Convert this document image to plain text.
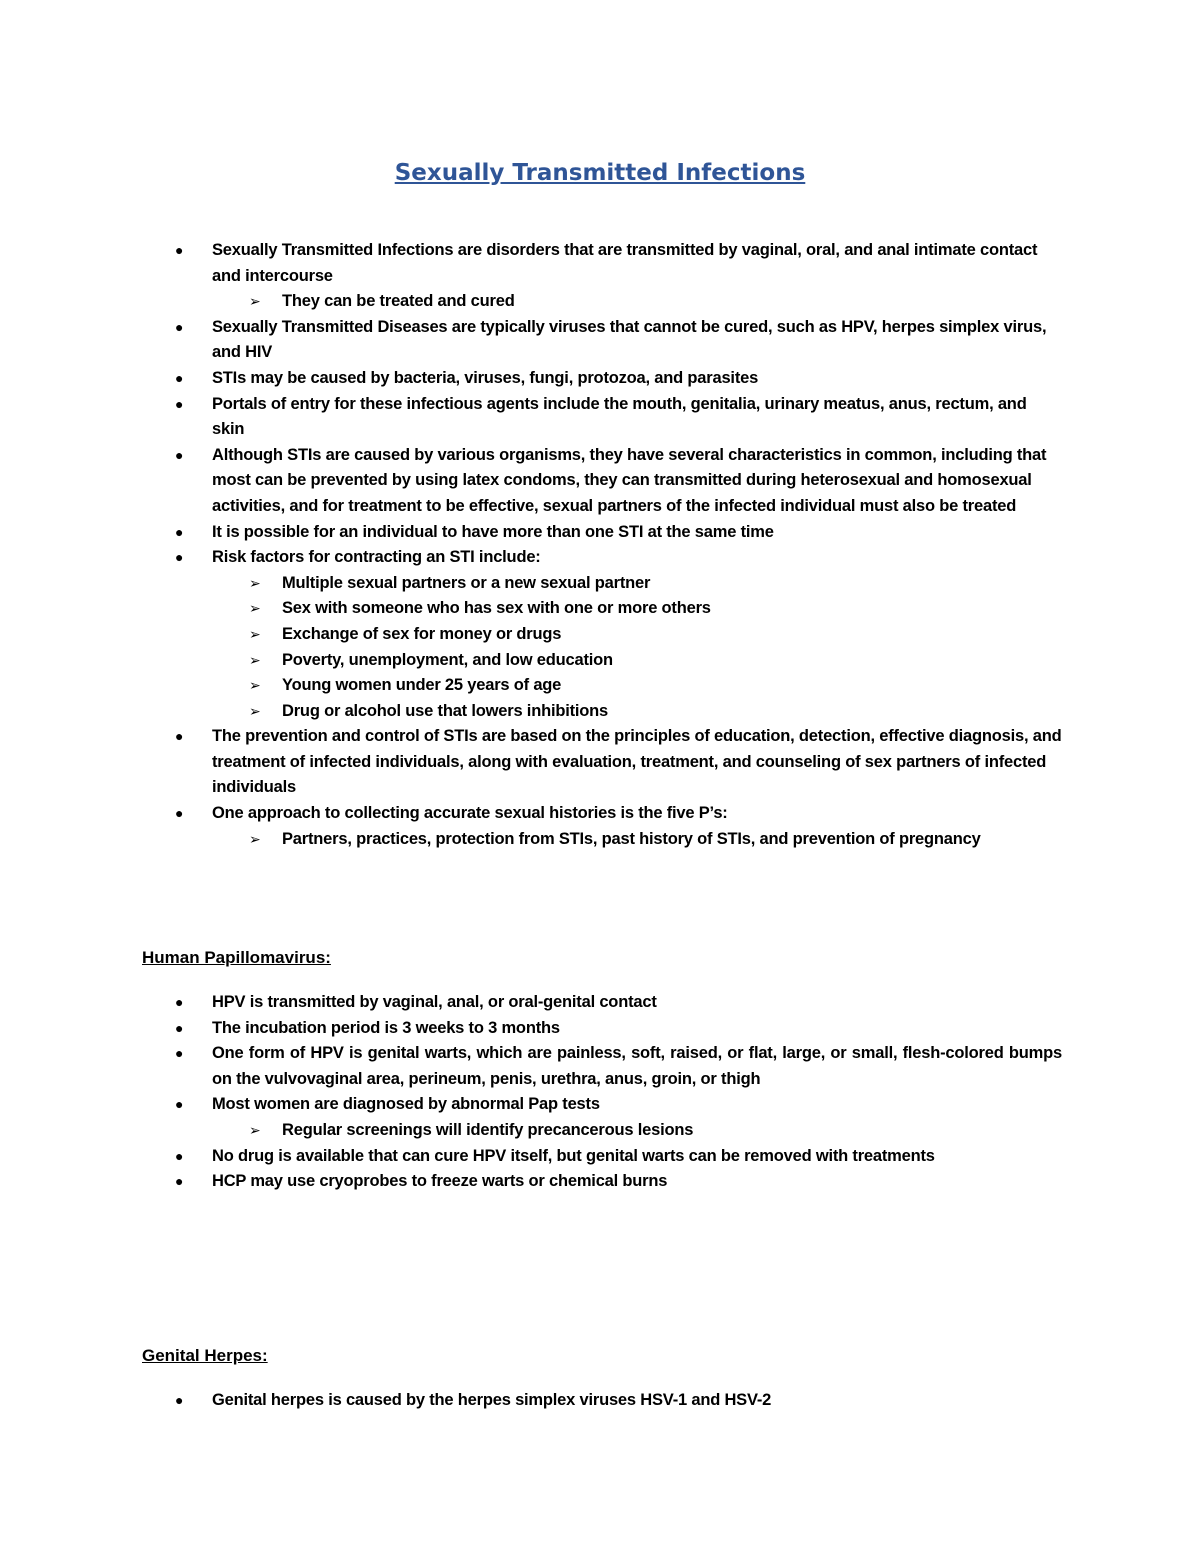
Sexually Transmitted Infections
● Sexually Transmitted Infections are disorders that are transmitted by vaginal, oral, and anal intimate contact and intercourse
➢ They can be treated and cured
● Sexually Transmitted Diseases are typically viruses that cannot be cured, such as HPV, herpes simplex virus, and HIV
● STIs may be caused by bacteria, viruses, fungi, protozoa, and parasites
● Portals of entry for these infectious agents include the mouth, genitalia, urinary meatus, anus, rectum, and skin
● Although STIs are caused by various organisms, they have several characteristics in common, including that most can be prevented by using latex condoms, they can transmitted during heterosexual and homosexual activities, and for treatment to be effective, sexual partners of the infected individual must also be treated
● It is possible for an individual to have more than one STI at the same time
● Risk factors for contracting an STI include:
➢ Multiple sexual partners or a new sexual partner
➢ Sex with someone who has sex with one or more others
➢ Exchange of sex for money or drugs
➢ Poverty, unemployment, and low education
➢ Young women under 25 years of age
➢ Drug or alcohol use that lowers inhibitions
● The prevention and control of STIs are based on the principles of education, detection, effective diagnosis, and treatment of infected individuals, along with evaluation, treatment, and counseling of sex partners of infected individuals
● One approach to collecting accurate sexual histories is the five P’s:
➢ Partners, practices, protection from STIs, past history of STIs, and prevention of pregnancy
Human Papillomavirus:
● HPV is transmitted by vaginal, anal, or oral-genital contact
● The incubation period is 3 weeks to 3 months
● One form of HPV is genital warts, which are painless, soft, raised, or flat, large, or small, flesh-colored bumps on the vulvovaginal area, perineum, penis, urethra, anus, groin, or thigh
● Most women are diagnosed by abnormal Pap tests
➢ Regular screenings will identify precancerous lesions
● No drug is available that can cure HPV itself, but genital warts can be removed with treatments
● HCP may use cryoprobes to freeze warts or chemical burns
Genital Herpes:
● Genital herpes is caused by the herpes simplex viruses HSV-1 and HSV-2
